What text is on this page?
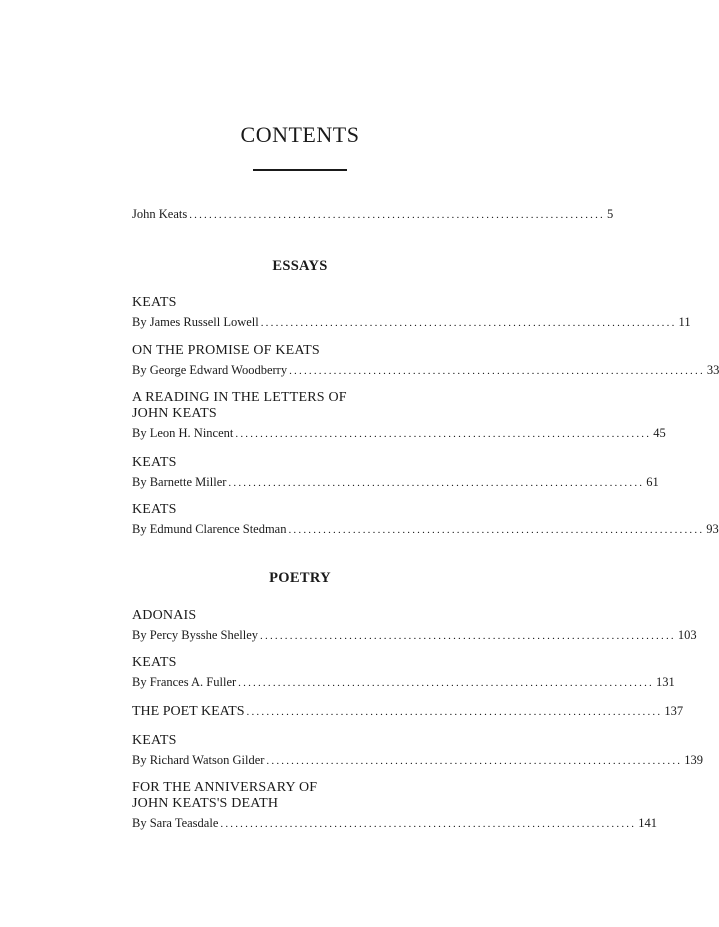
CONTENTS
John Keats .................................................................................... 5
ESSAYS
KEATS
By James Russell Lowell .................................................................................... 11
ON THE PROMISE OF KEATS
By George Edward Woodberry .................................................................................... 33
A READING IN THE LETTERS OF
JOHN KEATS
By Leon H. Nincent .................................................................................... 45
KEATS
By Barnette Miller .................................................................................... 61
KEATS
By Edmund Clarence Stedman .................................................................................... 93
POETRY
ADONAIS
By Percy Bysshe Shelley .................................................................................... 103
KEATS
By Frances A. Fuller .................................................................................... 131
THE POET KEATS .................................................................................... 137
KEATS
By Richard Watson Gilder .................................................................................... 139
FOR THE ANNIVERSARY OF
JOHN KEATS'S DEATH
By Sara Teasdale .................................................................................... 141
